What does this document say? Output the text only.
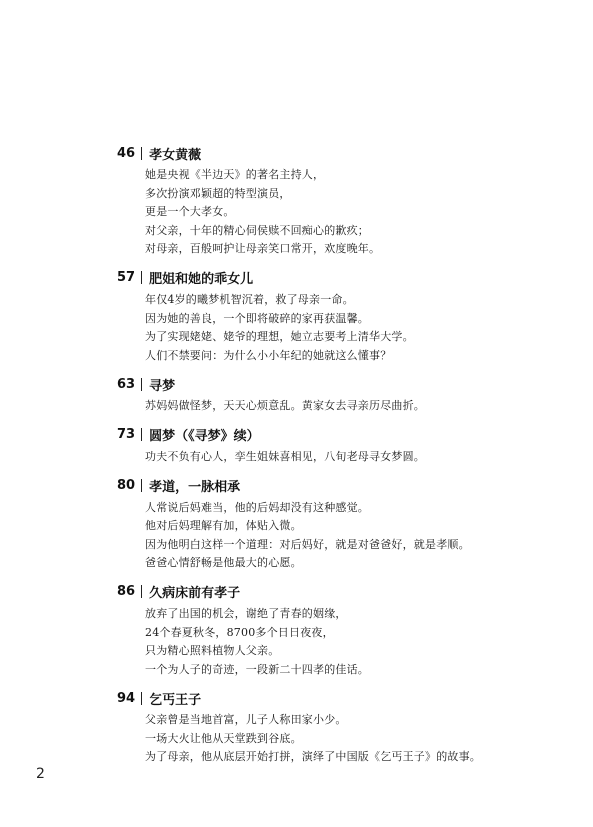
46 孝女黄薇
她是央视《半边天》的著名主持人，
多次扮演邓颖超的特型演员，
更是一个大孝女。
对父亲，十年的精心伺侯赎不回痴心的歉疚；
对母亲，百般呵护让母亲笑口常开，欢度晚年。
57 肥姐和她的乖女儿
年仅4岁的曦梦机智沉着，救了母亲一命。
因为她的善良，一个即将破碎的家再获温馨。
为了实现姥姥、姥爷的理想，她立志要考上清华大学。
人们不禁要问：为什么小小年纪的她就这么懂事？
63 寻梦
苏妈妈做怪梦，天天心烦意乱。黄家女去寻亲历尽曲折。
73 圆梦（《寻梦》续）
功夫不负有心人，孪生姐妹喜相见，八旬老母寻女梦圆。
80 孝道，一脉相承
人常说后妈难当，他的后妈却没有这种感觉。
他对后妈理解有加，体贴入微。
因为他明白这样一个道理：对后妈好，就是对爸爸好，就是孝顺。
爸爸心情舒畅是他最大的心愿。
86 久病床前有孝子
放弃了出国的机会，谢绝了青春的姻缘，
24个春夏秋冬，8700多个日日夜夜，
只为精心照料植物人父亲。
一个为人子的奇迹，一段新二十四孝的佳话。
94 乞丐王子
父亲曾是当地首富，儿子人称田家小少。
一场大火让他从天堂跌到谷底。
为了母亲，他从底层开始打拼，演绎了中国版《乞丐王子》的故事。
2
